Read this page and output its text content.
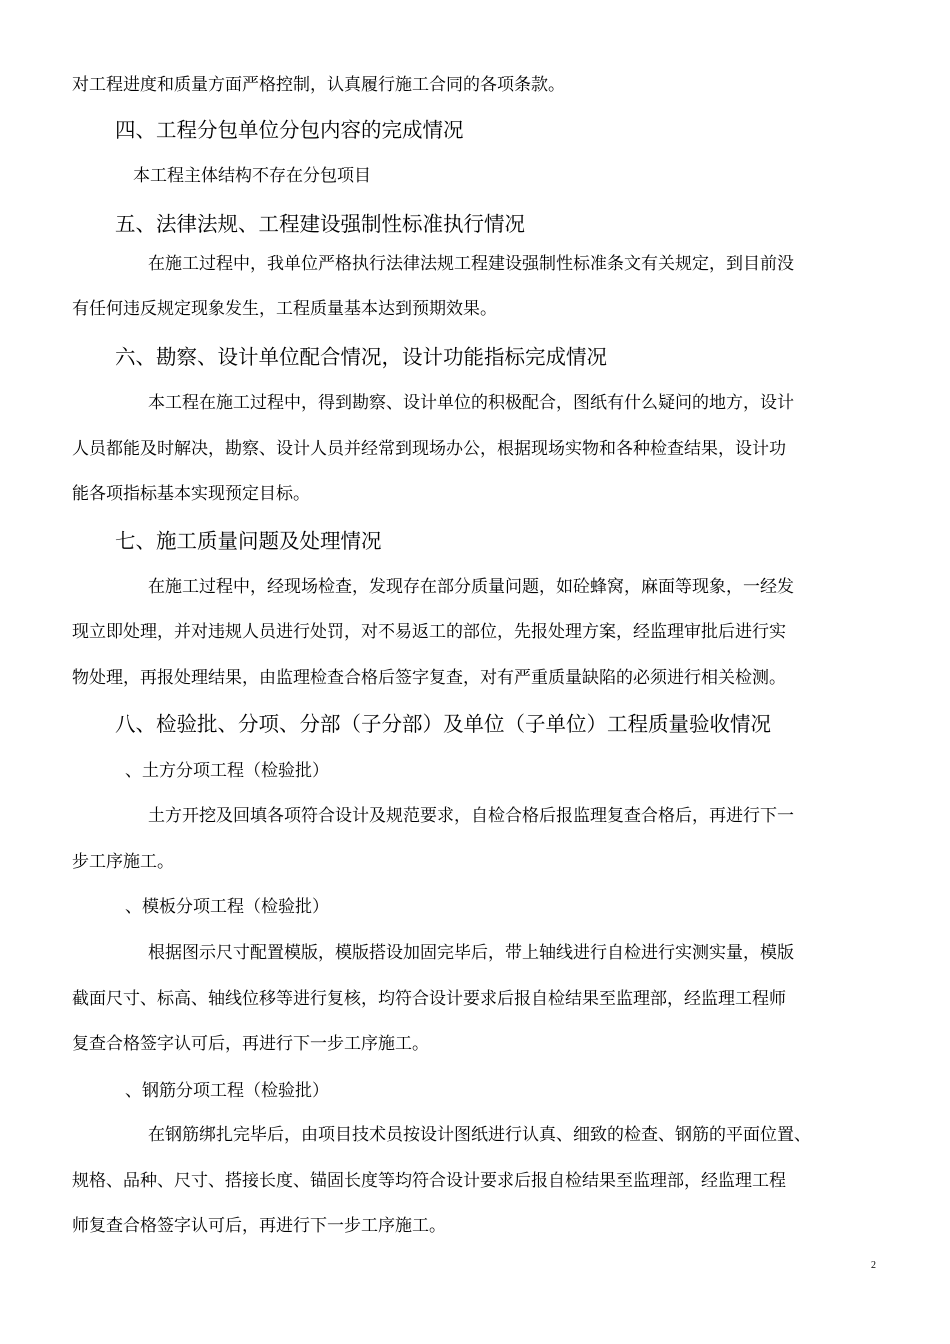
对工程进度和质量方面严格控制，认真履行施工合同的各项条款。
四、工程分包单位分包内容的完成情况
本工程主体结构不存在分包项目
五、法律法规、工程建设强制性标准执行情况
在施工过程中，我单位严格执行法律法规工程建设强制性标准条文有关规定，到目前没
有任何违反规定现象发生，工程质量基本达到预期效果。
六、勘察、设计单位配合情况，设计功能指标完成情况
本工程在施工过程中，得到勘察、设计单位的积极配合，图纸有什么疑问的地方，设计
人员都能及时解决，勘察、设计人员并经常到现场办公，根据现场实物和各种检查结果，设计功
能各项指标基本实现预定目标。
七、施工质量问题及处理情况
在施工过程中，经现场检查，发现存在部分质量问题，如砼蜂窝，麻面等现象，一经发
现立即处理，并对违规人员进行处罚，对不易返工的部位，先报处理方案，经监理审批后进行实
物处理，再报处理结果，由监理检查合格后签字复查，对有严重质量缺陷的必须进行相关检测。
八、检验批、分项、分部（子分部）及单位（子单位）工程质量验收情况
、土方分项工程（检验批）
土方开挖及回填各项符合设计及规范要求，自检合格后报监理复查合格后，再进行下一
步工序施工。
、模板分项工程（检验批）
根据图示尺寸配置模版，模版搭设加固完毕后，带上轴线进行自检进行实测实量，模版
截面尺寸、标高、轴线位移等进行复核，均符合设计要求后报自检结果至监理部，经监理工程师
复查合格签字认可后，再进行下一步工序施工。
、钢筋分项工程（检验批）
在钢筋绑扎完毕后，由项目技术员按设计图纸进行认真、细致的检查、钢筋的平面位置、
规格、品种、尺寸、搭接长度、锚固长度等均符合设计要求后报自检结果至监理部，经监理工程
师复查合格签字认可后，再进行下一步工序施工。
2
